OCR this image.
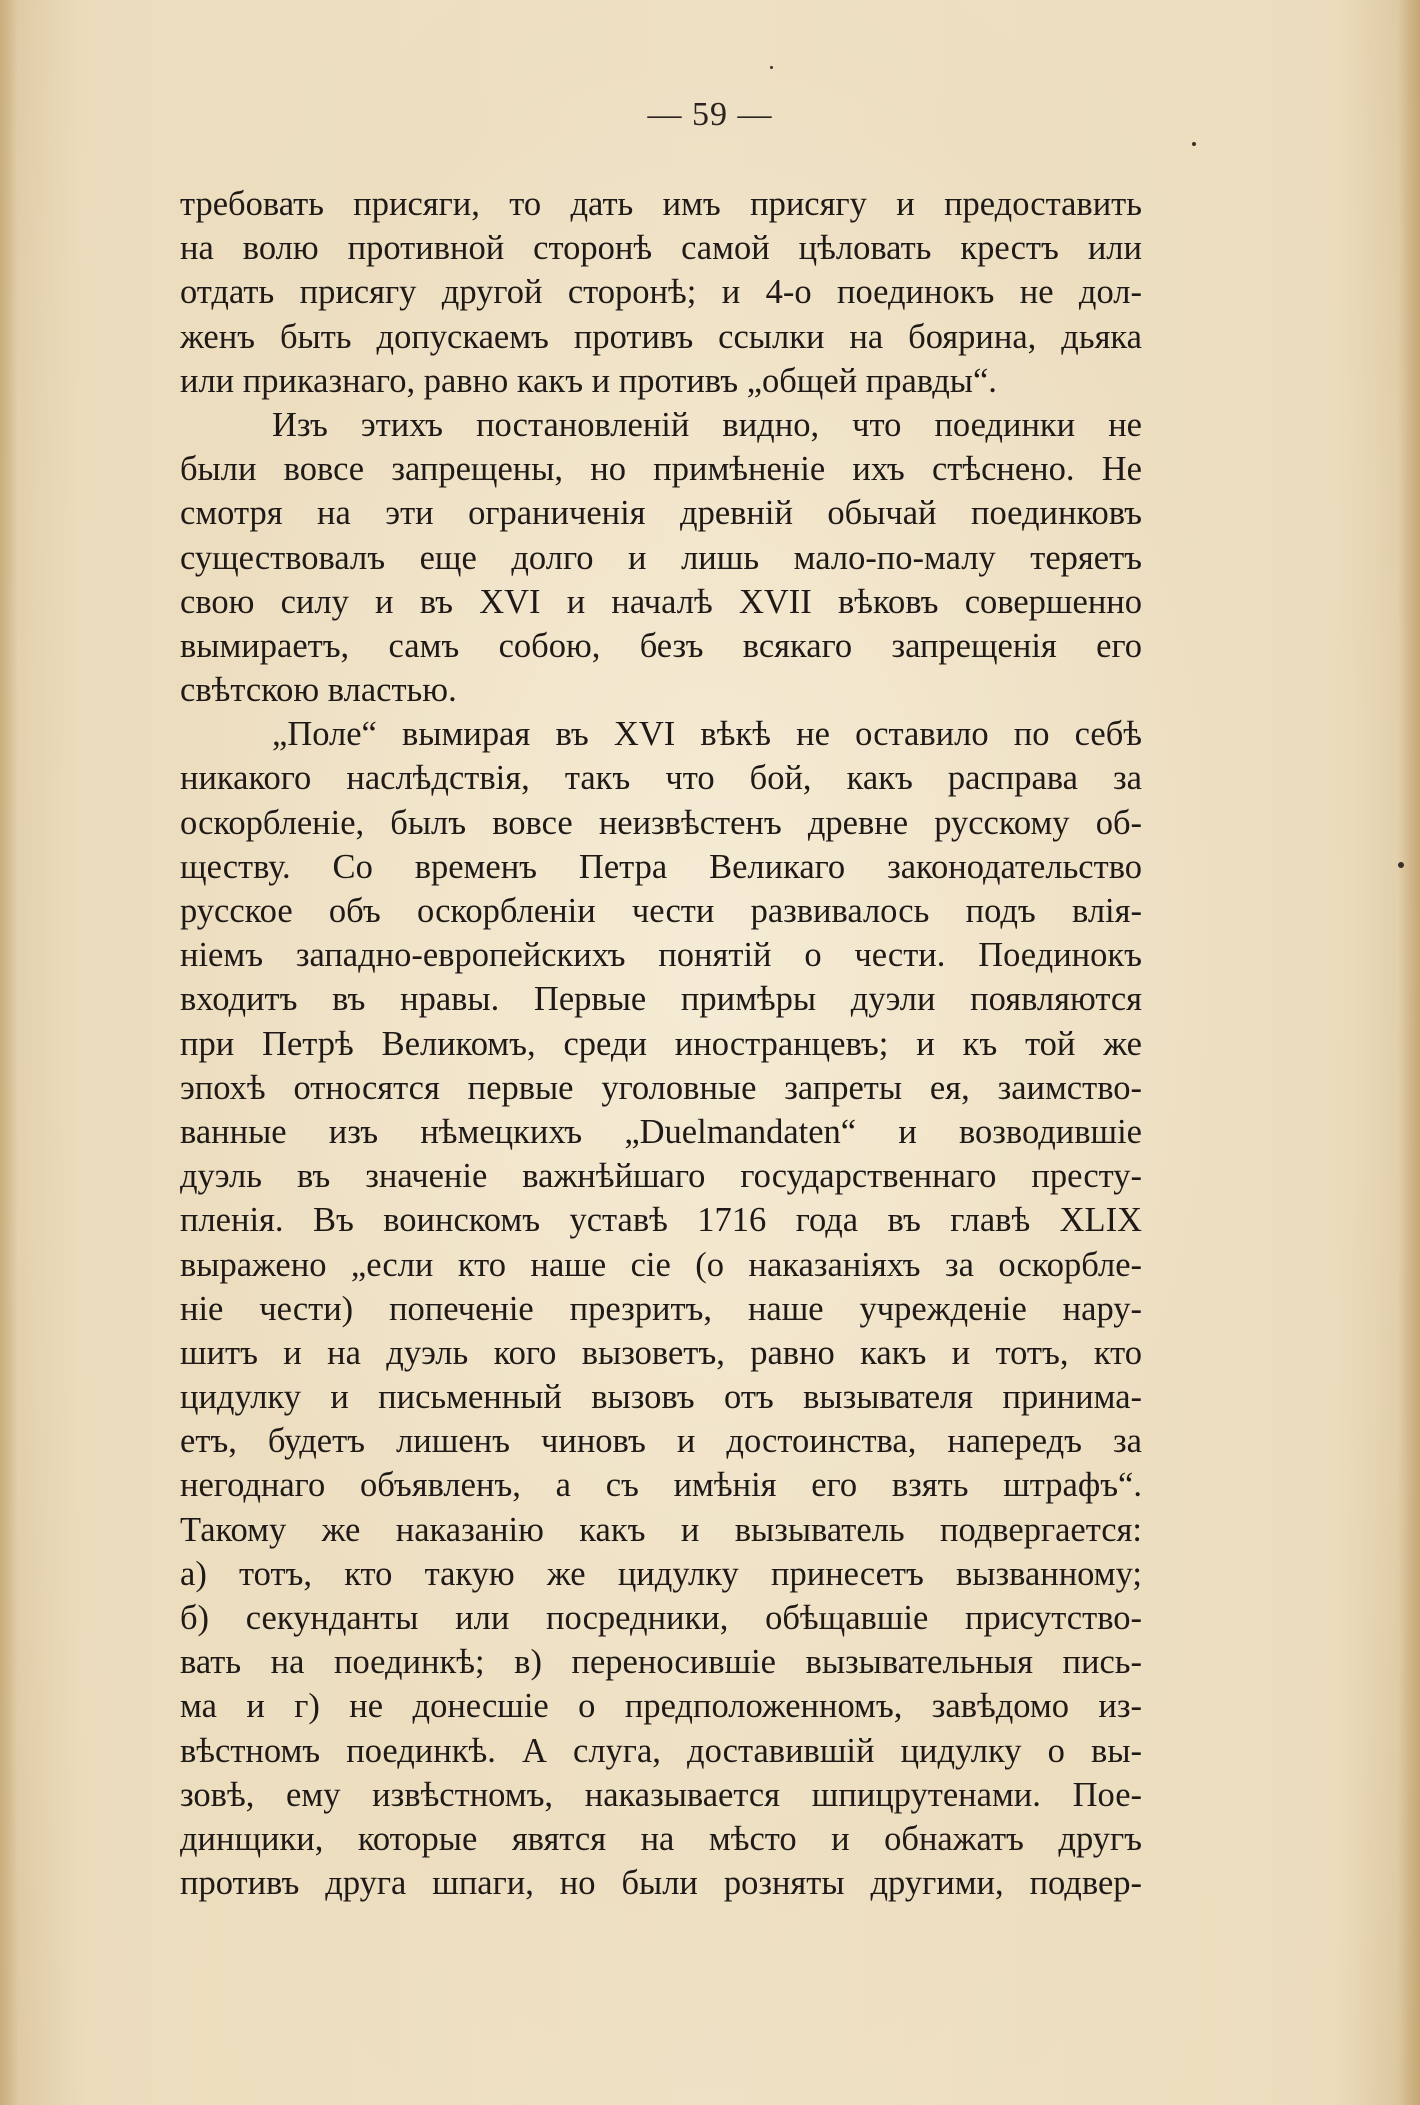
— 59 —
требовать присяги, то дать имъ присягу и предоставить
на волю противной сторонѣ самой цѣловать крестъ или
отдать присягу другой сторонѣ; и 4-о поединокъ не дол-
женъ быть допускаемъ противъ ссылки на боярина, дьяка
или приказнаго, равно какъ и противъ „общей правды“.
Изъ этихъ постановленій видно, что поединки не
были вовсе запрещены, но примѣненіе ихъ стѣснено. Не
смотря на эти ограниченія древній обычай поединковъ
существовалъ еще долго и лишь мало-по-малу теряетъ
свою силу и въ XVI и началѣ XVII вѣковъ совершенно
вымираетъ, самъ собою, безъ всякаго запрещенія его
свѣтскою властью.
„Поле“ вымирая въ XVI вѣкѣ не оставило по себѣ
никакого наслѣдствія, такъ что бой, какъ расправа за
оскорбленіе, былъ вовсе неизвѣстенъ древне русскому об-
ществу. Со временъ Петра Великаго законодательство
русское объ оскорбленіи чести развивалось подъ влія-
ніемъ западно-европейскихъ понятій о чести. Поединокъ
входитъ въ нравы. Первые примѣры дуэли появляются
при Петрѣ Великомъ, среди иностранцевъ; и къ той же
эпохѣ относятся первые уголовные запреты ея, заимство-
ванные изъ нѣмецкихъ „Duelmandaten“ и возводившіе
дуэль въ значеніе важнѣйшаго государственнаго престу-
пленія. Въ воинскомъ уставѣ 1716 года въ главѣ XLIX
выражено „если кто наше сіе (о наказаніяхъ за оскорбле-
ніе чести) попеченіе презритъ, наше учрежденіе нару-
шитъ и на дуэль кого вызоветъ, равно какъ и тотъ, кто
цидулку и письменный вызовъ отъ вызывателя принима-
етъ, будетъ лишенъ чиновъ и достоинства, напередъ за
негоднаго объявленъ, а съ имѣнія его взять штрафъ“.
Такому же наказанію какъ и вызыватель подвергается:
а) тотъ, кто такую же цидулку принесетъ вызванному;
б) секунданты или посредники, обѣщавшіе присутство-
вать на поединкѣ; в) переносившіе вызывательныя пись-
ма и г) не донесшіе о предположенномъ, завѣдомо из-
вѣстномъ поединкѣ. А слуга, доставившій цидулку о вы-
зовѣ, ему извѣстномъ, наказывается шпицрутенами. Пое-
динщики, которые явятся на мѣсто и обнажатъ другъ
противъ друга шпаги, но были розняты другими, подвер-
